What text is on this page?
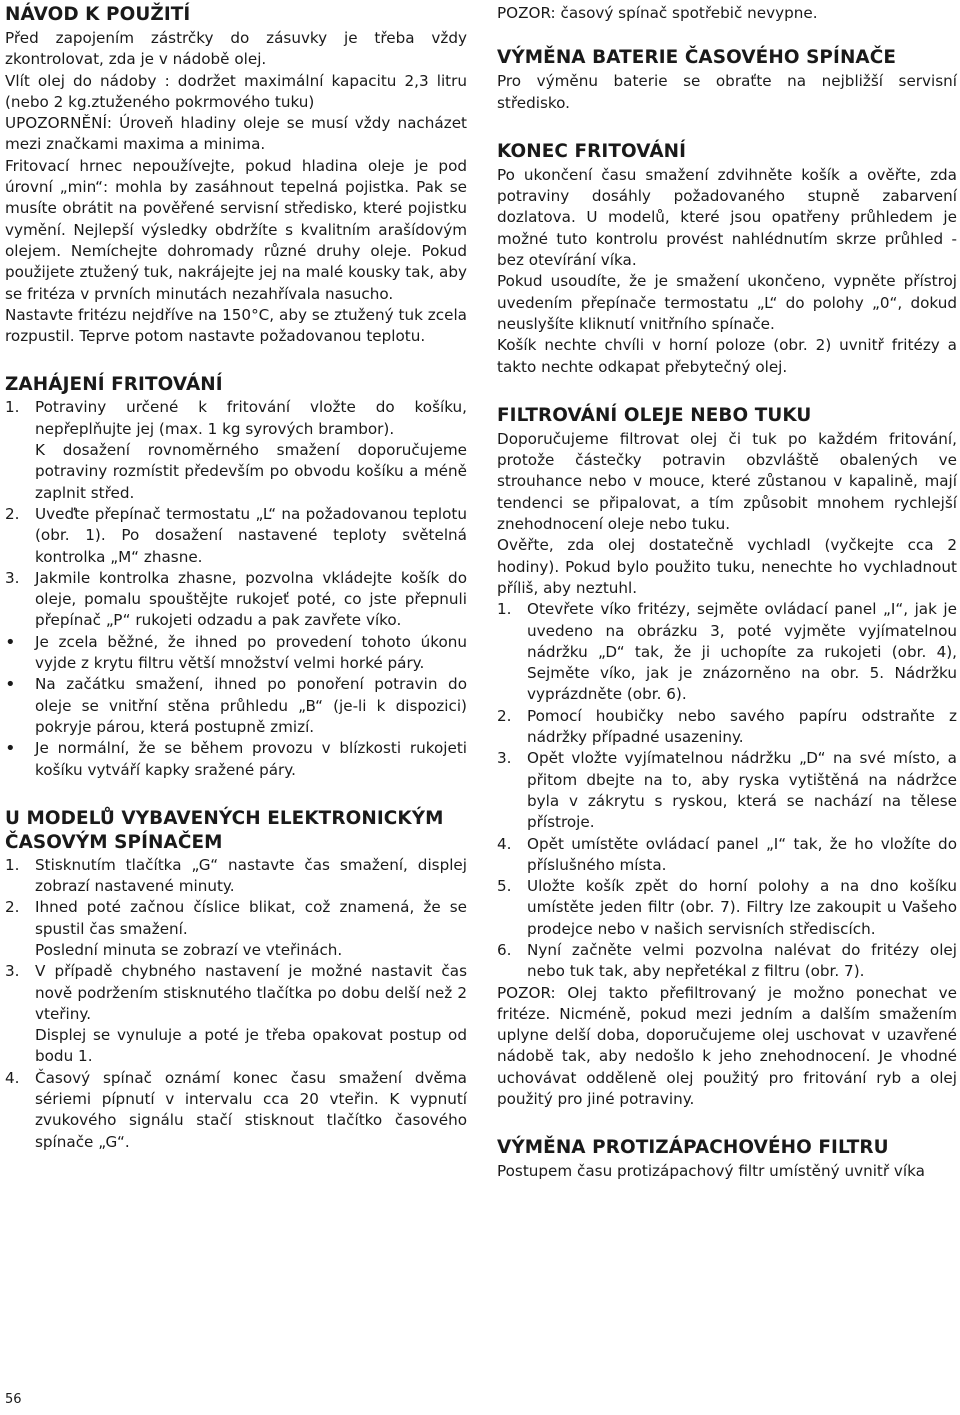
NÁVOD K POUŽITÍ

Před zapojením zástrčky do zásuvky je třeba vždy zkontrolovat, zda je v nádobě olej.

Vlít olej do nádoby : dodržet maximální kapacitu 2,3 litru (nebo 2 kg.ztuženého pokrmového tuku)

UPOZORNĚNÍ: Úroveň hladiny oleje se musí vždy nacházet mezi značkami maxima a minima.

Fritovací hrnec nepoužívejte, pokud hladina oleje je pod úrovní „min“: mohla by zasáhnout tepelná pojistka. Pak se musíte obrátit na pověřené servisní středisko, které pojistku vymění. Nejlepší výsledky obdržíte s kvalitním arašídovým olejem. Nemíchejte dohromady různé druhy oleje. Pokud použijete ztužený tuk, nakrájejte jej na malé kousky tak, aby se fritéza v prvních minutách nezahřívala nasucho.

Nastavte fritézu nejdříve na 150°C, aby se ztužený tuk zcela rozpustil. Teprve potom nastavte požadovanou teplotu.

ZAHÁJENÍ FRITOVÁNÍ
1.	Potraviny určené k fritování vložte do košíku, nepřeplňujte jej (max. 1 kg syrových brambor).

K dosažení rovnoměrného smažení doporučujeme potraviny rozmístit především po obvodu košíku a méně zaplnit střed.

2.	Uveďte přepínač termostatu „L“ na požadovanou teplotu (obr. 1). Po dosažení nastavené teploty světelná kontrolka „M“ zhasne.
3.	Jakmile kontrolka zhasne, pozvolna vkládejte košík do oleje, pomalu spouštějte rukojeť poté, co jste přepnuli přepínač „P“ rukojeti odzadu a pak zavřete víko.
•	Je zcela běžné, že ihned po provedení tohoto úkonu vyjde z krytu filtru větší množství velmi horké páry.
•	Na začátku smažení, ihned po ponoření potravin do oleje se vnitřní stěna průhledu „B“ (je-li k dispozici) pokryje párou, která postupně zmizí.
•	Je normální, že se během provozu v blízkosti rukojeti košíku vytváří kapky sražené páry.
U MODELŮ VYBAVENÝCH ELEKTRONICKÝM ČASOVÝM SPÍNAČEM
1.	Stisknutím tlačítka „G“ nastavte čas smažení, displej zobrazí nastavené minuty.
2.	Ihned poté začnou číslice blikat, což znamená, že se spustil čas smažení.

Poslední minuta se zobrazí ve vteřinách.

3.	V případě chybného nastavení je možné nastavit čas nově podržením stisknutého tlačítka po dobu delší než 2 vteřiny.

Displej se vynuluje a poté je třeba opakovat postup od bodu 1.

4.	Časový spínač oznámí konec času smažení dvěma sériemi pípnutí v intervalu cca 20 vteřin. K vypnutí zvukového signálu stačí stisknout tlačítko časového spínače „G“.

POZOR: časový spínač spotřebič nevypne.

VÝMĚNA BATERIE ČASOVÉHO SPÍNAČE

Pro výměnu baterie se obraťte na nejbližší servisní středisko.

KONEC FRITOVÁNÍ

Po ukončení času smažení zdvihněte košík a ověřte, zda potraviny dosáhly požadovaného stupně zabarvení dozlatova. U modelů, které jsou opatřeny průhledem je možné tuto kontrolu provést nahlédnutím skrze průhled - bez otevírání víka.

Pokud usoudíte, že je smažení ukončeno, vypněte přístroj uvedením přepínače termostatu „L“ do polohy „0“, dokud neuslyšíte kliknutí vnitřního spínače.

Košík nechte chvíli v horní poloze (obr. 2) uvnitř fritézy a takto nechte odkapat přebytečný olej.

FILTROVÁNÍ OLEJE NEBO TUKU

Doporučujeme filtrovat olej či tuk po každém fritování, protože částečky potravin obzvláště obalených ve strouhance nebo v mouce, které zůstanou v kapalině, mají tendenci se připalovat, a tím způsobit mnohem rychlejší znehodnocení oleje nebo tuku.

Ověřte, zda olej dostatečně vychladl (vyčkejte cca 2 hodiny). Pokud bylo použito tuku, nenechte ho vychladnout příliš, aby neztuhl.

1.	Otevřete víko fritézy, sejměte ovládací panel „I“, jak je uvedeno na obrázku 3, poté vyjměte vyjímatelnou nádržku „D“ tak, že ji uchopíte za rukojeti (obr. 4), Sejměte víko, jak je znázorněno na obr. 5. Nádržku vyprázdněte (obr. 6).
2.	Pomocí houbičky nebo savého papíru odstraňte z nádržky případné usazeniny.
3.	Opět vložte vyjímatelnou nádržku „D“ na své místo, a přitom dbejte na to, aby ryska vytištěná na nádržce byla v zákrytu s ryskou, která se nachází na tělese přístroje.
4.	Opět umístěte ovládací panel „I“ tak, že ho vložíte do příslušného místa.
5.	Uložte košík zpět do horní polohy a na dno košíku umístěte jeden filtr (obr. 7). Filtry lze zakoupit u Vašeho prodejce nebo v našich servisních střediscích.
6.	Nyní začněte velmi pozvolna nalévat do fritézy olej nebo tuk tak, aby nepřetékal z filtru (obr. 7).

POZOR: Olej takto přefiltrovaný je možno ponechat ve fritéze. Nicméně, pokud mezi jedním a dalším smažením uplyne delší doba, doporučujeme olej uschovat v uzavřené nádobě tak, aby nedošlo k jeho znehodnocení. Je vhodné uchovávat odděleně olej použitý pro fritování ryb a olej použitý pro jiné potraviny.

VÝMĚNA PROTIZÁPACHOVÉHO FILTRU

Postupem času protizápachový filtr umístěný uvnitř víka

56
